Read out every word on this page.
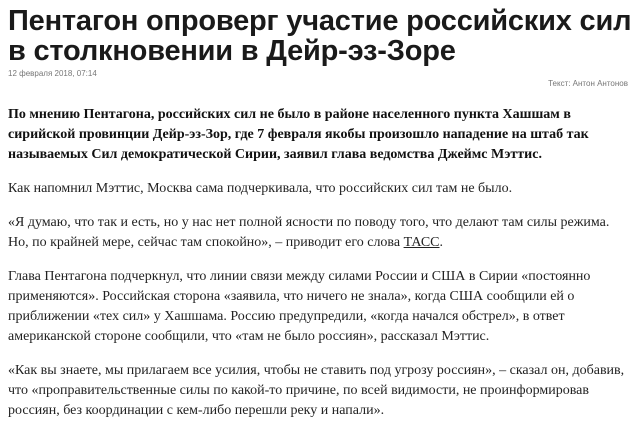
Пентагон опроверг участие российских сил в столкновении в Дейр-эз-Зоре
12 февраля 2018, 07:14
Текст: Антон Антонов

По мнению Пентагона, российских сил не было в районе населенного пункта Хашшам в сирийской провинции Дейр-эз-Зор, где 7 февраля якобы произошло нападение на штаб так называемых Сил демократической Сирии, заявил глава ведомства Джеймс Мэттис.

Как напомнил Мэттис, Москва сама подчеркивала, что российских сил там не было.

«Я думаю, что так и есть, но у нас нет полной ясности по поводу того, что делают там силы режима. Но, по крайней мере, сейчас там спокойно», – приводит его слова ТАСС.

Глава Пентагона подчеркнул, что линии связи между силами России и США в Сирии «постоянно применяются». Российская сторона «заявила, что ничего не знала», когда США сообщили ей о приближении «тех сил» у Хашшама. Россию предупредили, «когда начался обстрел», в ответ американской стороне сообщили, что «там не было россиян», рассказал Мэттис.

«Как вы знаете, мы прилагаем все усилия, чтобы не ставить под угрозу россиян», – сказал он, добавив, что «проправительственные силы по какой-то причине, по всей видимости, не проинформировав россиян, без координации с кем-либо перешли реку и напали».
